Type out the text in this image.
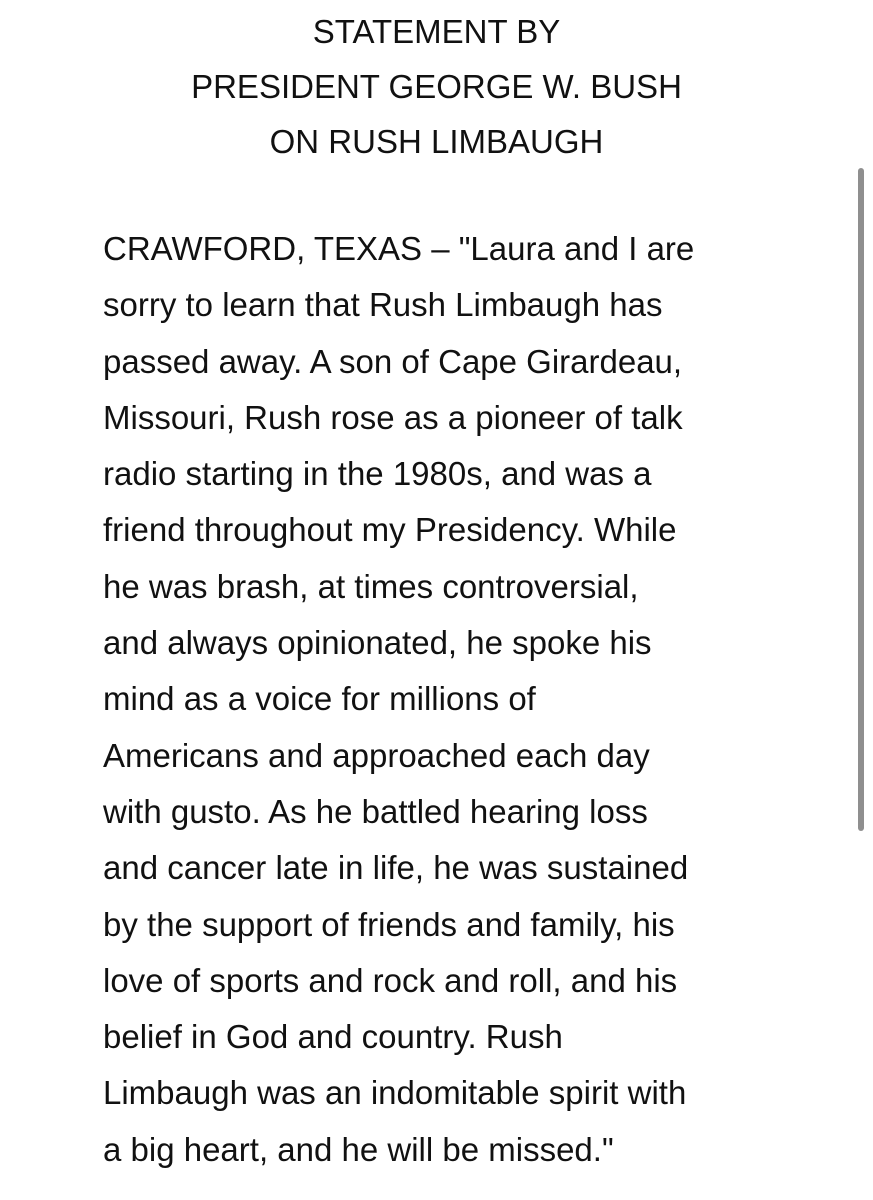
STATEMENT BY
PRESIDENT GEORGE W. BUSH
ON RUSH LIMBAUGH
CRAWFORD, TEXAS – "Laura and I are
sorry to learn that Rush Limbaugh has
passed away. A son of Cape Girardeau,
Missouri, Rush rose as a pioneer of talk
radio starting in the 1980s, and was a
friend throughout my Presidency. While
he was brash, at times controversial,
and always opinionated, he spoke his
mind as a voice for millions of
Americans and approached each day
with gusto. As he battled hearing loss
and cancer late in life, he was sustained
by the support of friends and family, his
love of sports and rock and roll, and his
belief in God and country. Rush
Limbaugh was an indomitable spirit with
a big heart, and he will be missed."
